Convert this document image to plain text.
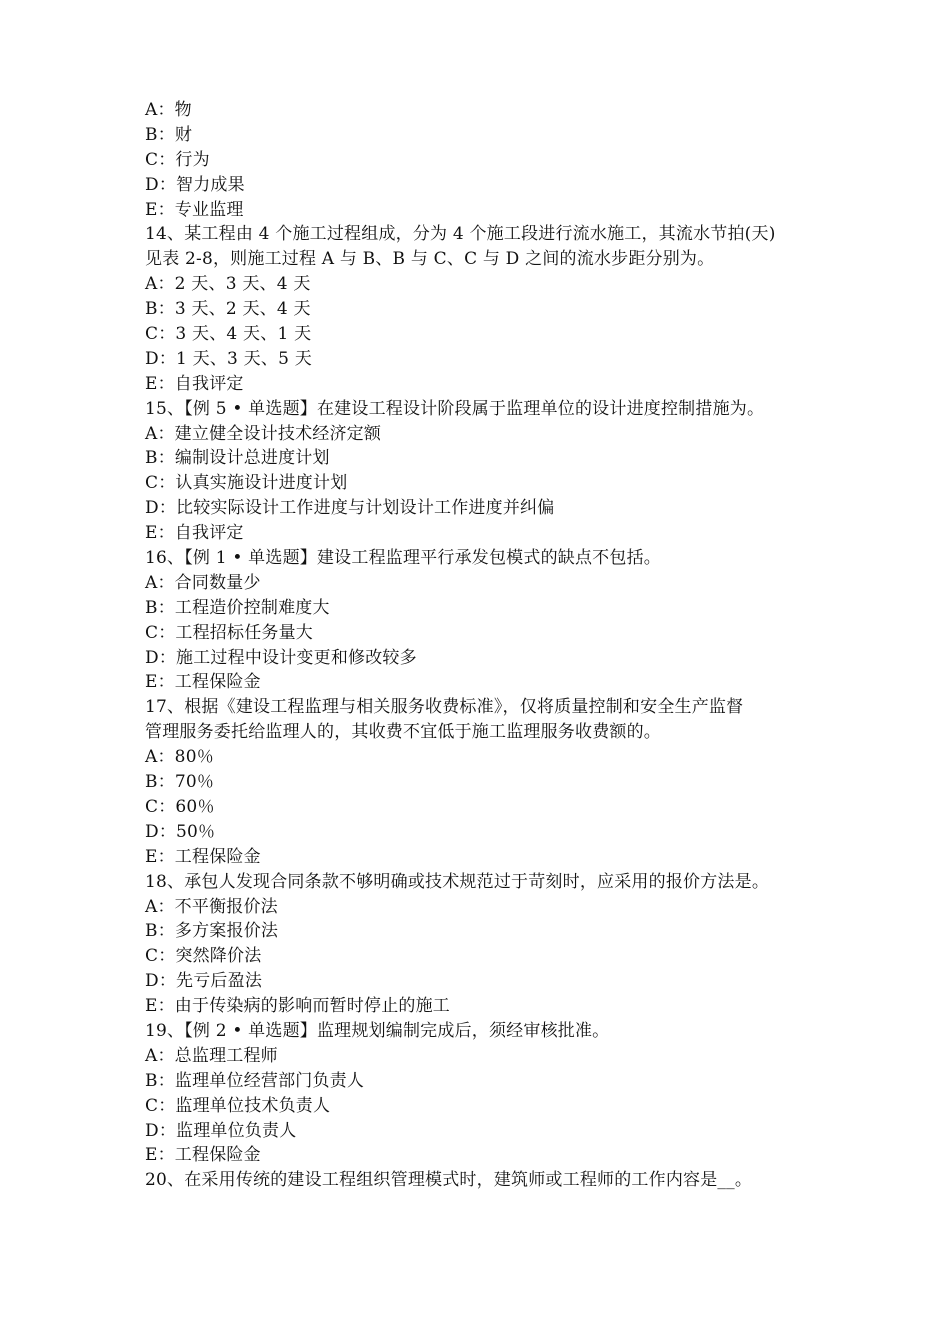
A：物
B：财
C：行为
D：智力成果
E：专业监理
14、某工程由 4 个施工过程组成，分为 4 个施工段进行流水施工，其流水节拍(天)
见表 2-8，则施工过程 A 与 B、B 与 C、C 与 D 之间的流水步距分别为。
A：2 天、3 天、4 天
B：3 天、2 天、4 天
C：3 天、4 天、1 天
D：1 天、3 天、5 天
E：自我评定
15、【例 5 • 单选题】在建设工程设计阶段属于监理单位的设计进度控制措施为。
A：建立健全设计技术经济定额
B：编制设计总进度计划
C：认真实施设计进度计划
D：比较实际设计工作进度与计划设计工作进度并纠偏
E：自我评定
16、【例 1 • 单选题】建设工程监理平行承发包模式的缺点不包括。
A：合同数量少
B：工程造价控制难度大
C：工程招标任务量大
D：施工过程中设计变更和修改较多
E：工程保险金
17、根据《建设工程监理与相关服务收费标准》，仅将质量控制和安全生产监督
管理服务委托给监理人的，其收费不宜低于施工监理服务收费额的。
A：80％
B：70％
C：60％
D：50％
E：工程保险金
18、承包人发现合同条款不够明确或技术规范过于苛刻时，应采用的报价方法是。
A：不平衡报价法
B：多方案报价法
C：突然降价法
D：先亏后盈法
E：由于传染病的影响而暂时停止的施工
19、【例 2 • 单选题】监理规划编制完成后，须经审核批准。
A：总监理工程师
B：监理单位经营部门负责人
C：监理单位技术负责人
D：监理单位负责人
E：工程保险金
20、在采用传统的建设工程组织管理模式时，建筑师或工程师的工作内容是__。
